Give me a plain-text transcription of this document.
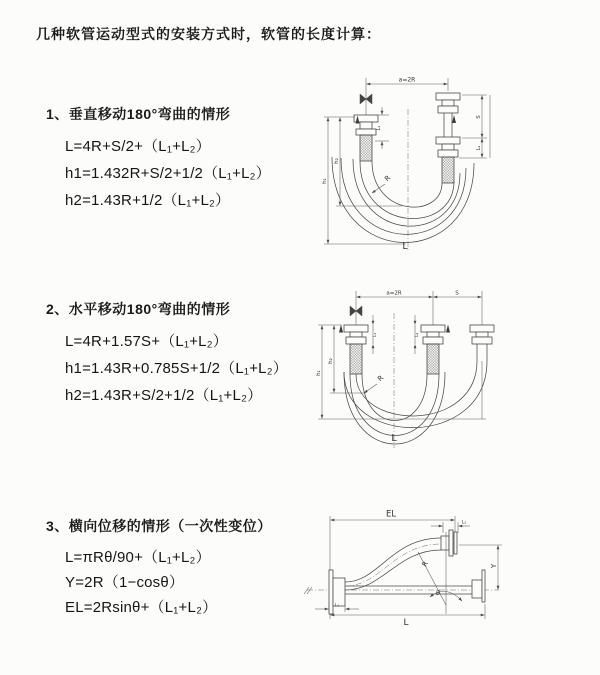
几种软管运动型式的安装方式时，软管的长度计算：
1、垂直移动180°弯曲的情形
L=4R+S/2+（L₁+L₂）
h1=1.432R+S/2+1/2（L₁+L₂）
h2=1.43R+1/2（L₁+L₂）
2、水平移动180°弯曲的情形
L=4R+1.57S+（L₁+L₂）
h1=1.43R+0.785S+1/2（L₁+L₂）
h2=1.43R+S/2+1/2（L₁+L₂）
3、横向位移的情形（一次性变位）
L=πRθ/90+（L₁+L₂）
Y=2R（1−cosθ）
EL=2Rsinθ+（L₁+L₂）
a=2R
h₁
h₂
L₁
S
L₂
R
L
a=2R	S
L₁	L₂
h₁
h₂
R
L
EL
L₂
θ
R	Y
L₁
L
